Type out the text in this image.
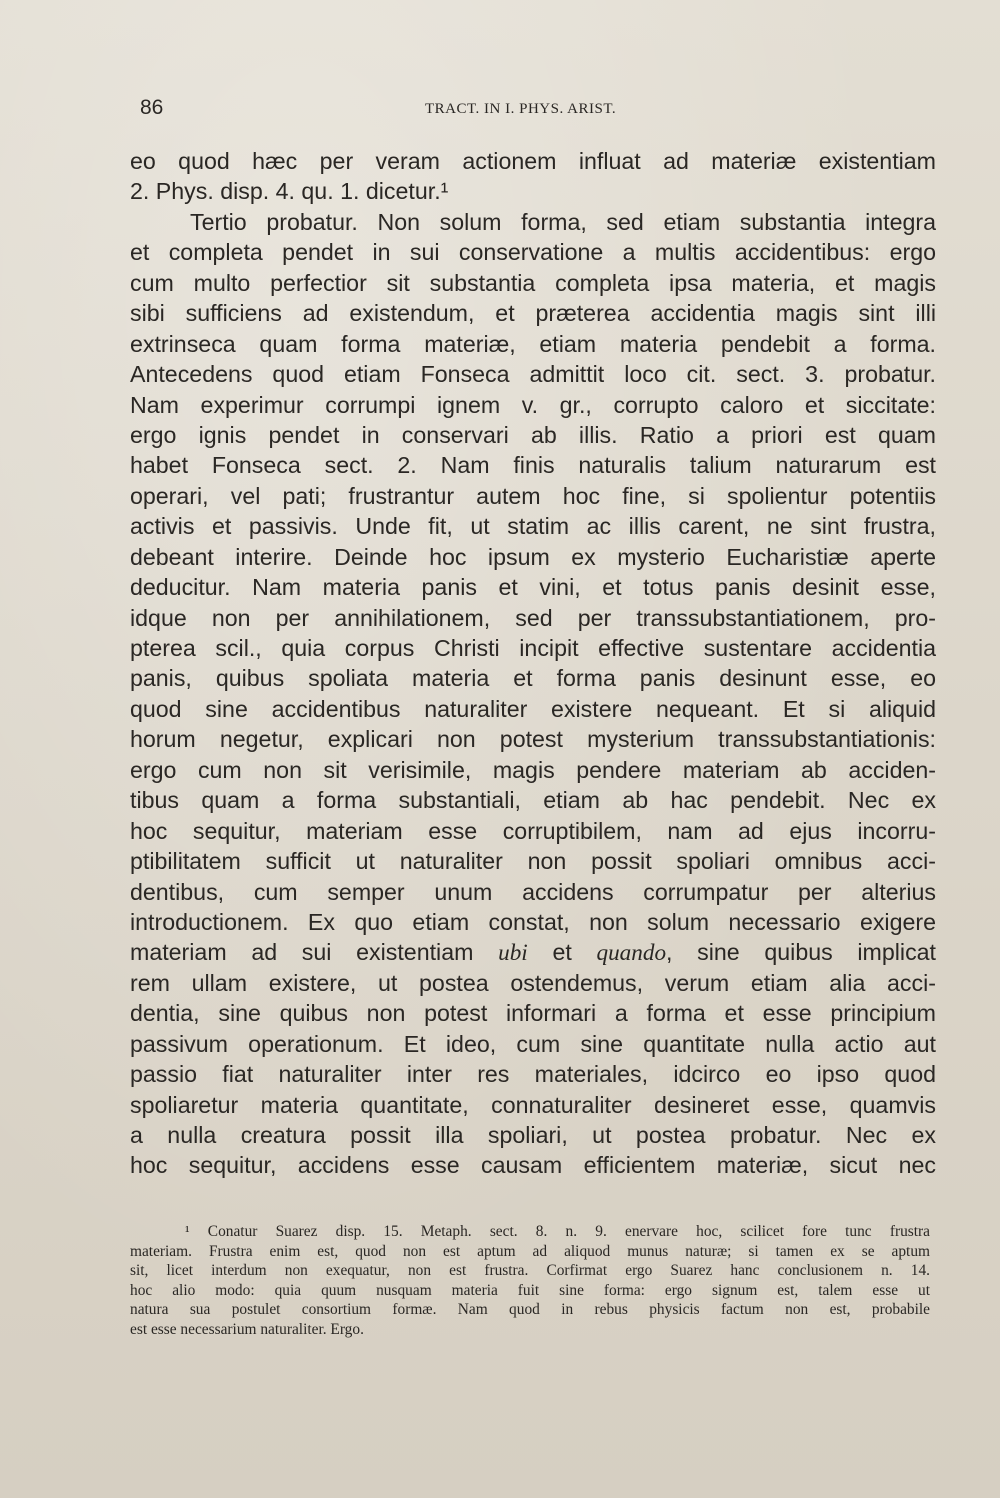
86	TRACT. IN I. PHYS. ARIST.
eo quod hæc per veram actionem influat ad materiæ existentiam
2. Phys. disp. 4. qu. 1. dicetur.¹
Tertio probatur. Non solum forma, sed etiam substantia integra
et completa pendet in sui conservatione a multis accidentibus: ergo
cum multo perfectior sit substantia completa ipsa materia, et magis
sibi sufficiens ad existendum, et præterea accidentia magis sint illi
extrinseca quam forma materiæ, etiam materia pendebit a forma.
Antecedens quod etiam Fonseca admittit loco cit. sect. 3. probatur.
Nam experimur corrumpi ignem v. gr., corrupto caloro et siccitate:
ergo ignis pendet in conservari ab illis. Ratio a priori est quam
habet Fonseca sect. 2. Nam finis naturalis talium naturarum est
operari, vel pati; frustrantur autem hoc fine, si spolientur potentiis
activis et passivis. Unde fit, ut statim ac illis carent, ne sint frustra,
debeant interire. Deinde hoc ipsum ex mysterio Eucharistiæ aperte
deducitur. Nam materia panis et vini, et totus panis desinit esse,
idque non per annihilationem, sed per transsubstantiationem, pro-
pterea scil., quia corpus Christi incipit effective sustentare accidentia
panis, quibus spoliata materia et forma panis desinunt esse, eo
quod sine accidentibus naturaliter existere nequeant. Et si aliquid
horum negetur, explicari non potest mysterium transsubstantiationis:
ergo cum non sit verisimile, magis pendere materiam ab acciden-
tibus quam a forma substantiali, etiam ab hac pendebit. Nec ex
hoc sequitur, materiam esse corruptibilem, nam ad ejus incorru-
ptibilitatem sufficit ut naturaliter non possit spoliari omnibus acci-
dentibus, cum semper unum accidens corrumpatur per alterius
introductionem. Ex quo etiam constat, non solum necessario exigere
materiam ad sui existentiam ubi et quando, sine quibus implicat
rem ullam existere, ut postea ostendemus, verum etiam alia acci-
dentia, sine quibus non potest informari a forma et esse principium
passivum operationum. Et ideo, cum sine quantitate nulla actio aut
passio fiat naturaliter inter res materiales, idcirco eo ipso quod
spoliaretur materia quantitate, connaturaliter desineret esse, quamvis
a nulla creatura possit illa spoliari, ut postea probatur. Nec ex
hoc sequitur, accidens esse causam efficientem materiæ, sicut nec
¹ Conatur Suarez disp. 15. Metaph. sect. 8. n. 9. enervare hoc, scilicet fore tunc frustra
materiam. Frustra enim est, quod non est aptum ad aliquod munus naturæ; si tamen ex se aptum
sit, licet interdum non exequatur, non est frustra. Corfirmat ergo Suarez hanc conclusionem n. 14.
hoc alio modo: quia quum nusquam materia fuit sine forma: ergo signum est, talem esse ut
natura sua postulet consortium formæ. Nam quod in rebus physicis factum non est, probabile
est esse necessarium naturaliter. Ergo.
